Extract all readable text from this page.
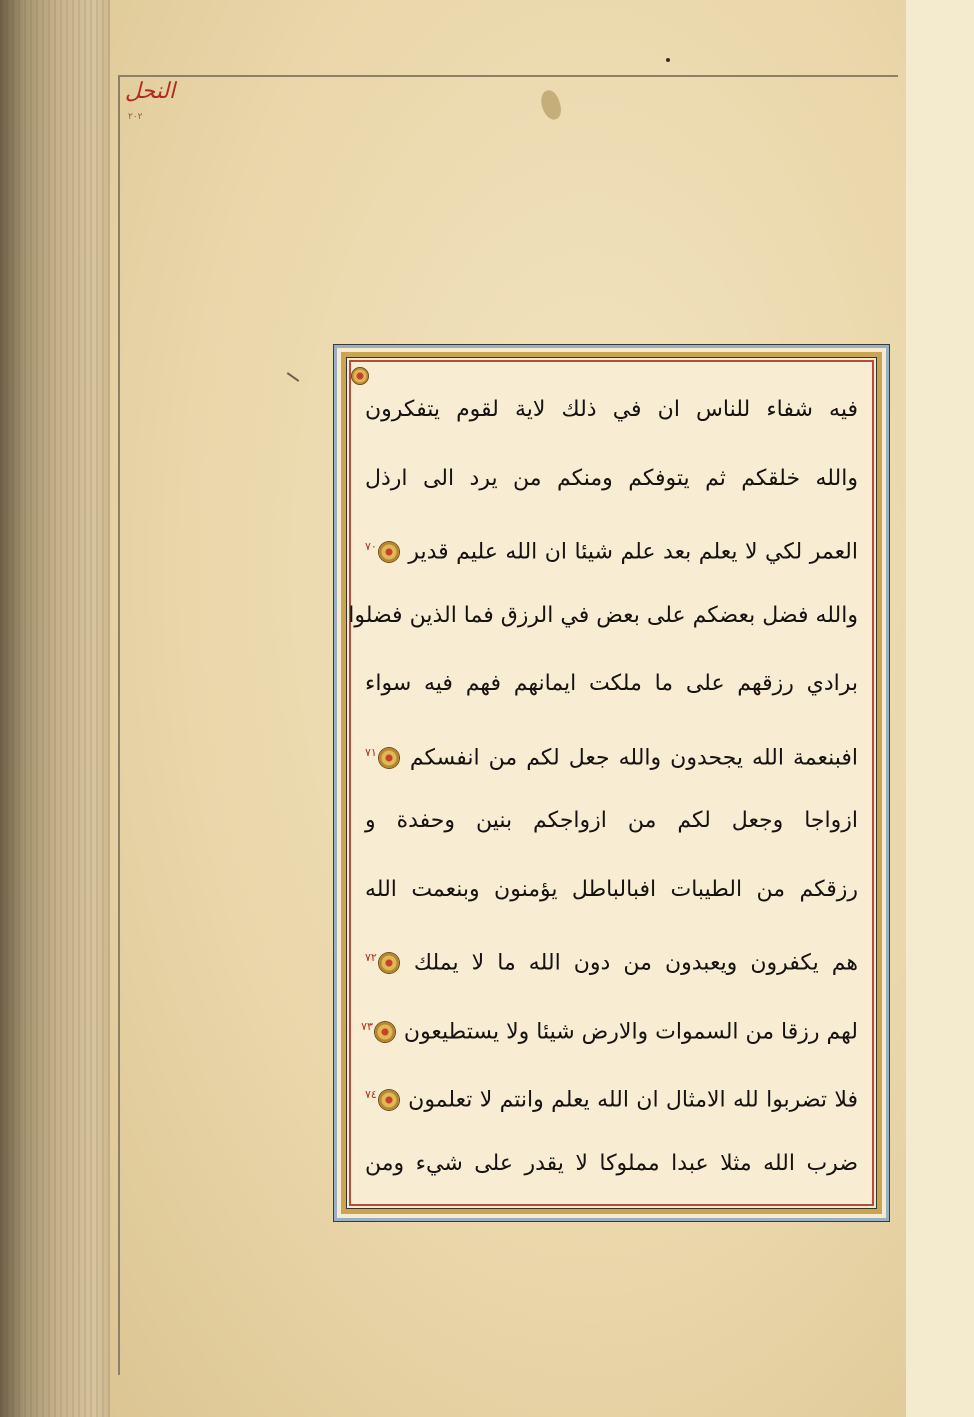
النحل
٢٠٢
فيه شفاء للناس ان في ذلك لاية لقوم يتفكرون
والله خلقكم ثم يتوفكم ومنكم من يرد الى ارذل
العمر لكي لا يعلم بعد علم شيئا ان الله عليم قدير $^{٧٠}$
والله فضل بعضكم على بعض في الرزق فما الذين فضلوا
برادي رزقهم على ما ملكت ايمانهم فهم فيه سواء
افبنعمة الله يجحدون والله جعل لكم من انفسكم $^{٧١}$
ازواجا وجعل لكم من ازواجكم بنين وحفدة و
رزقكم من الطيبات افبالباطل يؤمنون وبنعمت الله
هم يكفرون ويعبدون من دون الله ما لا يملك $^{٧٢}$
لهم رزقا من السموات والارض شيئا ولا يستطيعون $^{٧٣}$
فلا تضربوا لله الامثال ان الله يعلم وانتم لا تعلمون $^{٧٤}$
ضرب الله مثلا عبدا مملوكا لا يقدر على شيء ومن
